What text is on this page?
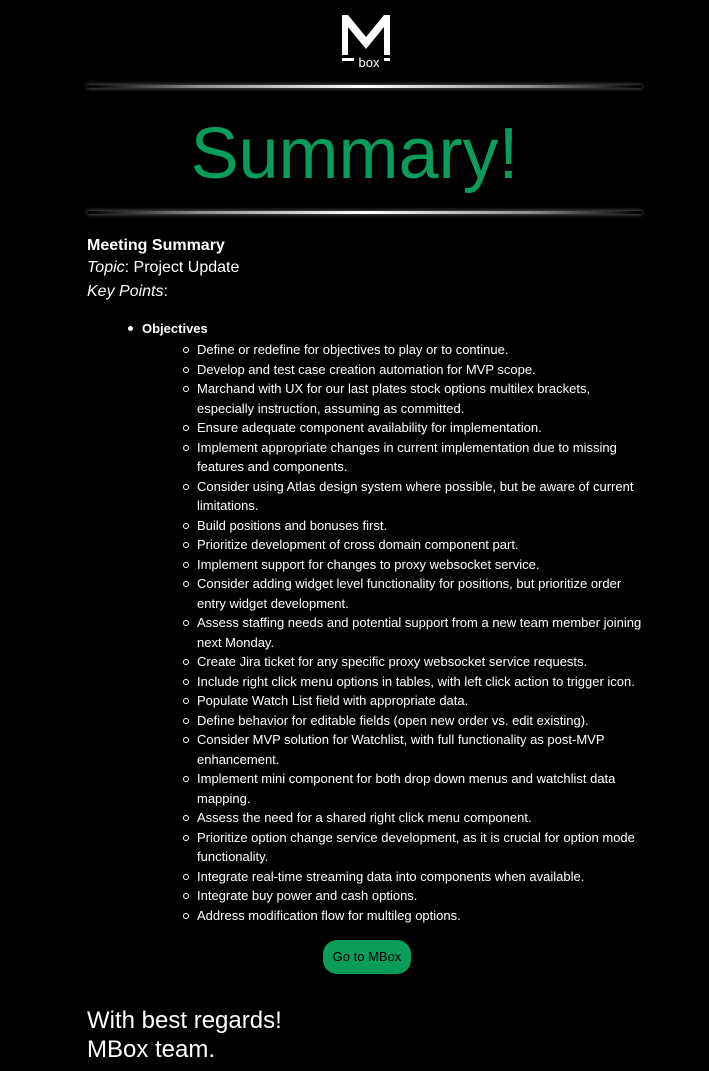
box
Summary!

Meeting Summary

Topic: Project Update

Key Points:

Objectives
Define or redefine for objectives to play or to continue.
Develop and test case creation automation for MVP scope.
Marchand with UX for our last plates stock options multilex brackets, especially instruction, assuming as committed.
Ensure adequate component availability for implementation.
Implement appropriate changes in current implementation due to missing features and components.
Consider using Atlas design system where possible, but be aware of current limitations.
Build positions and bonuses first.
Prioritize development of cross domain component part.
Implement support for changes to proxy websocket service.
Consider adding widget level functionality for positions, but prioritize order entry widget development.
Assess staffing needs and potential support from a new team member joining next Monday.
Create Jira ticket for any specific proxy websocket service requests.
Include right click menu options in tables, with left click action to trigger icon.
Populate Watch List field with appropriate data.
Define behavior for editable fields (open new order vs. edit existing).
Consider MVP solution for Watchlist, with full functionality as post-MVP enhancement.
Implement mini component for both drop down menus and watchlist data mapping.
Assess the need for a shared right click menu component.
Prioritize option change service development, as it is crucial for option mode functionality.
Integrate real-time streaming data into components when available.
Integrate buy power and cash options.
Address modification flow for multileg options.
Go to MBox
With best regards!
MBox team.
